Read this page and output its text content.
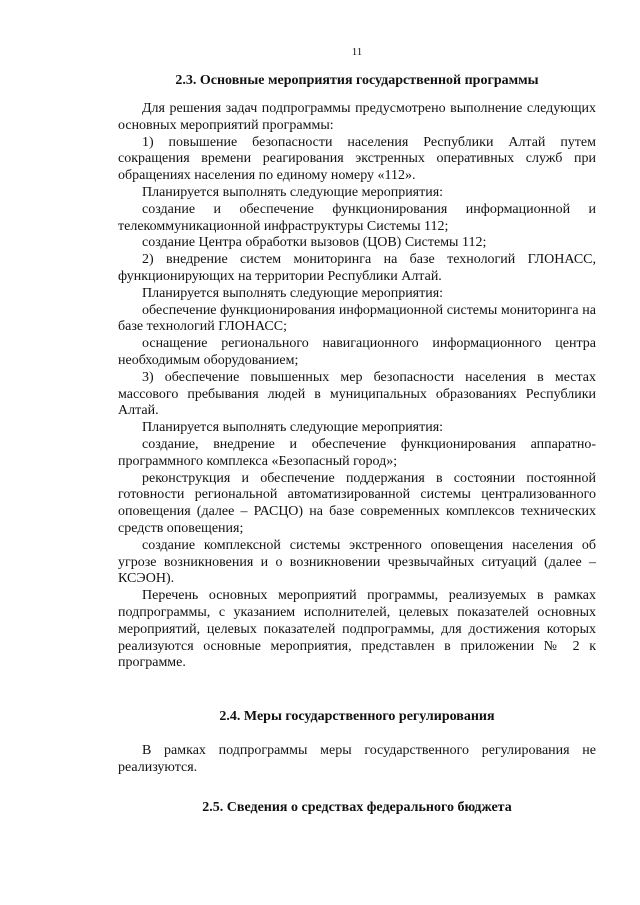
11
2.3. Основные мероприятия государственной программы

Для решения задач подпрограммы предусмотрено выполнение следующих основных мероприятий программы:

1) повышение безопасности населения Республики Алтай путем сокращения времени реагирования экстренных оперативных служб при обращениях населения по единому номеру «112».

Планируется выполнять следующие мероприятия:

создание и обеспечение функционирования информационной и телекоммуникационной инфраструктуры Системы 112;

создание Центра обработки вызовов (ЦОВ) Системы 112;

2) внедрение систем мониторинга на базе технологий ГЛОНАСС, функционирующих на территории Республики Алтай.

Планируется выполнять следующие мероприятия:

обеспечение функционирования информационной системы мониторинга на базе технологий ГЛОНАСС;

оснащение регионального навигационного информационного центра необходимым оборудованием;

3) обеспечение повышенных мер безопасности населения в местах массового пребывания людей в муниципальных образованиях Республики Алтай.

Планируется выполнять следующие мероприятия:

создание, внедрение и обеспечение функционирования аппаратно-программного комплекса «Безопасный город»;

реконструкция и обеспечение поддержания в состоянии постоянной готовности региональной автоматизированной системы централизованного оповещения (далее – РАСЦО) на базе современных комплексов технических средств оповещения;

создание комплексной системы экстренного оповещения населения об угрозе возникновения и о возникновении чрезвычайных ситуаций (далее – КСЭОН).

Перечень основных мероприятий программы, реализуемых в рамках подпрограммы, с указанием исполнителей, целевых показателей основных мероприятий, целевых показателей подпрограммы, для достижения которых реализуются основные мероприятия, представлен в приложении № 2 к программе.

2.4. Меры государственного регулирования

В рамках подпрограммы меры государственного регулирования не реализуются.

2.5. Сведения о средствах федерального бюджета
